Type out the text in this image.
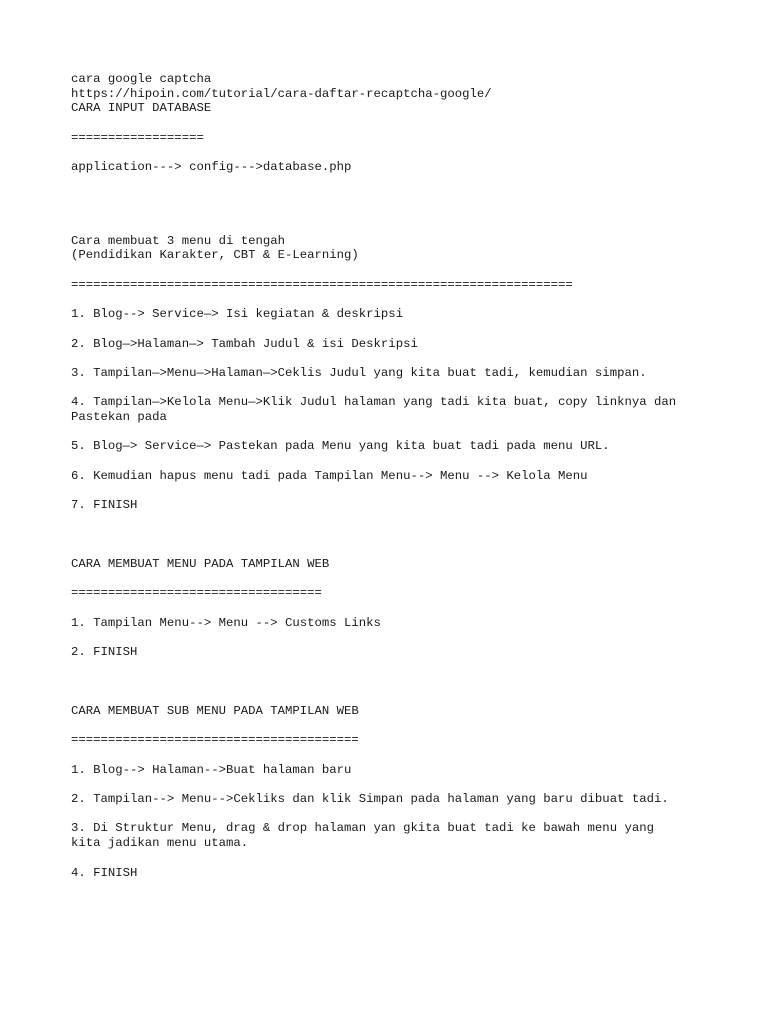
cara google captcha
https://hipoin.com/tutorial/cara-daftar-recaptcha-google/
CARA INPUT DATABASE
==================
application---> config--->database.php
Cara membuat 3 menu di tengah
(Pendidikan Karakter, CBT & E-Learning)
====================================================================
1. Blog--> Service—> Isi kegiatan & deskripsi
2. Blog—>Halaman—> Tambah Judul & isi Deskripsi
3. Tampilan—>Menu—>Halaman—>Ceklis Judul yang kita buat tadi, kemudian simpan.
4. Tampilan—>Kelola Menu—>Klik Judul halaman yang tadi kita buat, copy linknya dan
Pastekan pada
5. Blog—> Service—> Pastekan pada Menu yang kita buat tadi pada menu URL.
6. Kemudian hapus menu tadi pada Tampilan Menu--> Menu --> Kelola Menu
7. FINISH
CARA MEMBUAT MENU PADA TAMPILAN WEB
==================================
1. Tampilan Menu--> Menu --> Customs Links
2. FINISH
CARA MEMBUAT SUB MENU PADA TAMPILAN WEB
=======================================
1. Blog--> Halaman-->Buat halaman baru
2. Tampilan--> Menu-->Cekliks dan klik Simpan pada halaman yang baru dibuat tadi.
3. Di Struktur Menu, drag & drop halaman yan gkita buat tadi ke bawah menu yang
kita jadikan menu utama.
4. FINISH
